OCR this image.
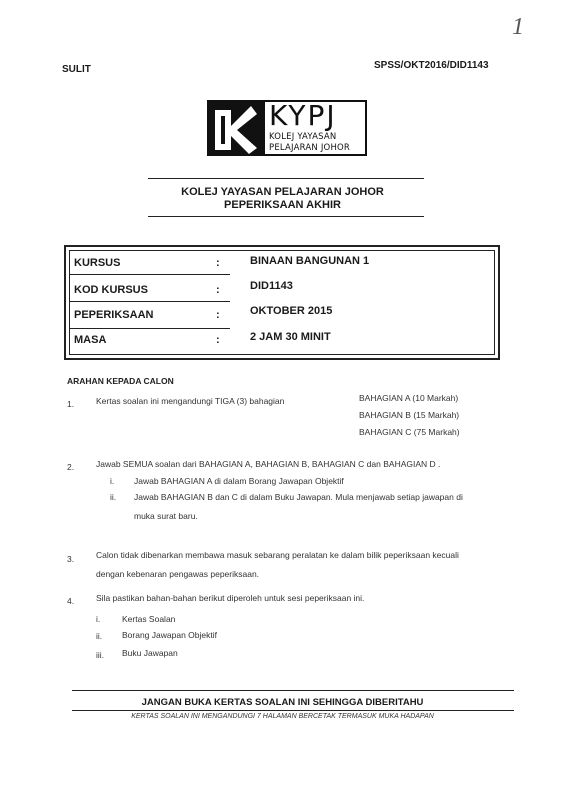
1
SULIT	SPSS/OKT2016/DID1143
KYPJ
KOLEJ YAYASAN
PELAJARAN JOHOR
KOLEJ YAYASAN PELAJARAN JOHOR
PEPERIKSAAN AKHIR
KURSUS	:	BINAAN BANGUNAN 1
KOD KURSUS	:	DID1143
PEPERIKSAAN	:	OKTOBER 2015
MASA	:	2 JAM 30 MINIT
ARAHAN KEPADA CALON
1.	Kertas soalan ini mengandungi TIGA (3) bahagian	BAHAGIAN A (10 Markah)
BAHAGIAN B (15 Markah)
BAHAGIAN C (75 Markah)
2.	Jawab SEMUA soalan dari BAHAGIAN A, BAHAGIAN B, BAHAGIAN C dan BAHAGIAN D .
i. Jawab BAHAGIAN A di dalam Borang Jawapan Objektif
ii. Jawab BAHAGIAN B dan C di dalam Buku Jawapan. Mula menjawab setiap jawapan di
muka surat baru.
3.	Calon tidak dibenarkan membawa masuk sebarang peralatan ke dalam bilik peperiksaan kecuali
dengan kebenaran pengawas peperiksaan.
4.	Sila pastikan bahan-bahan berikut diperoleh untuk sesi peperiksaan ini.
i.	Kertas Soalan
ii. Borang Jawapan Objektif
iii. Buku Jawapan
JANGAN BUKA KERTAS SOALAN INI SEHINGGA DIBERITAHU
KERTAS SOALAN INI MENGANDUNGI 7 HALAMAN BERCETAK TERMASUK MUKA HADAPAN
